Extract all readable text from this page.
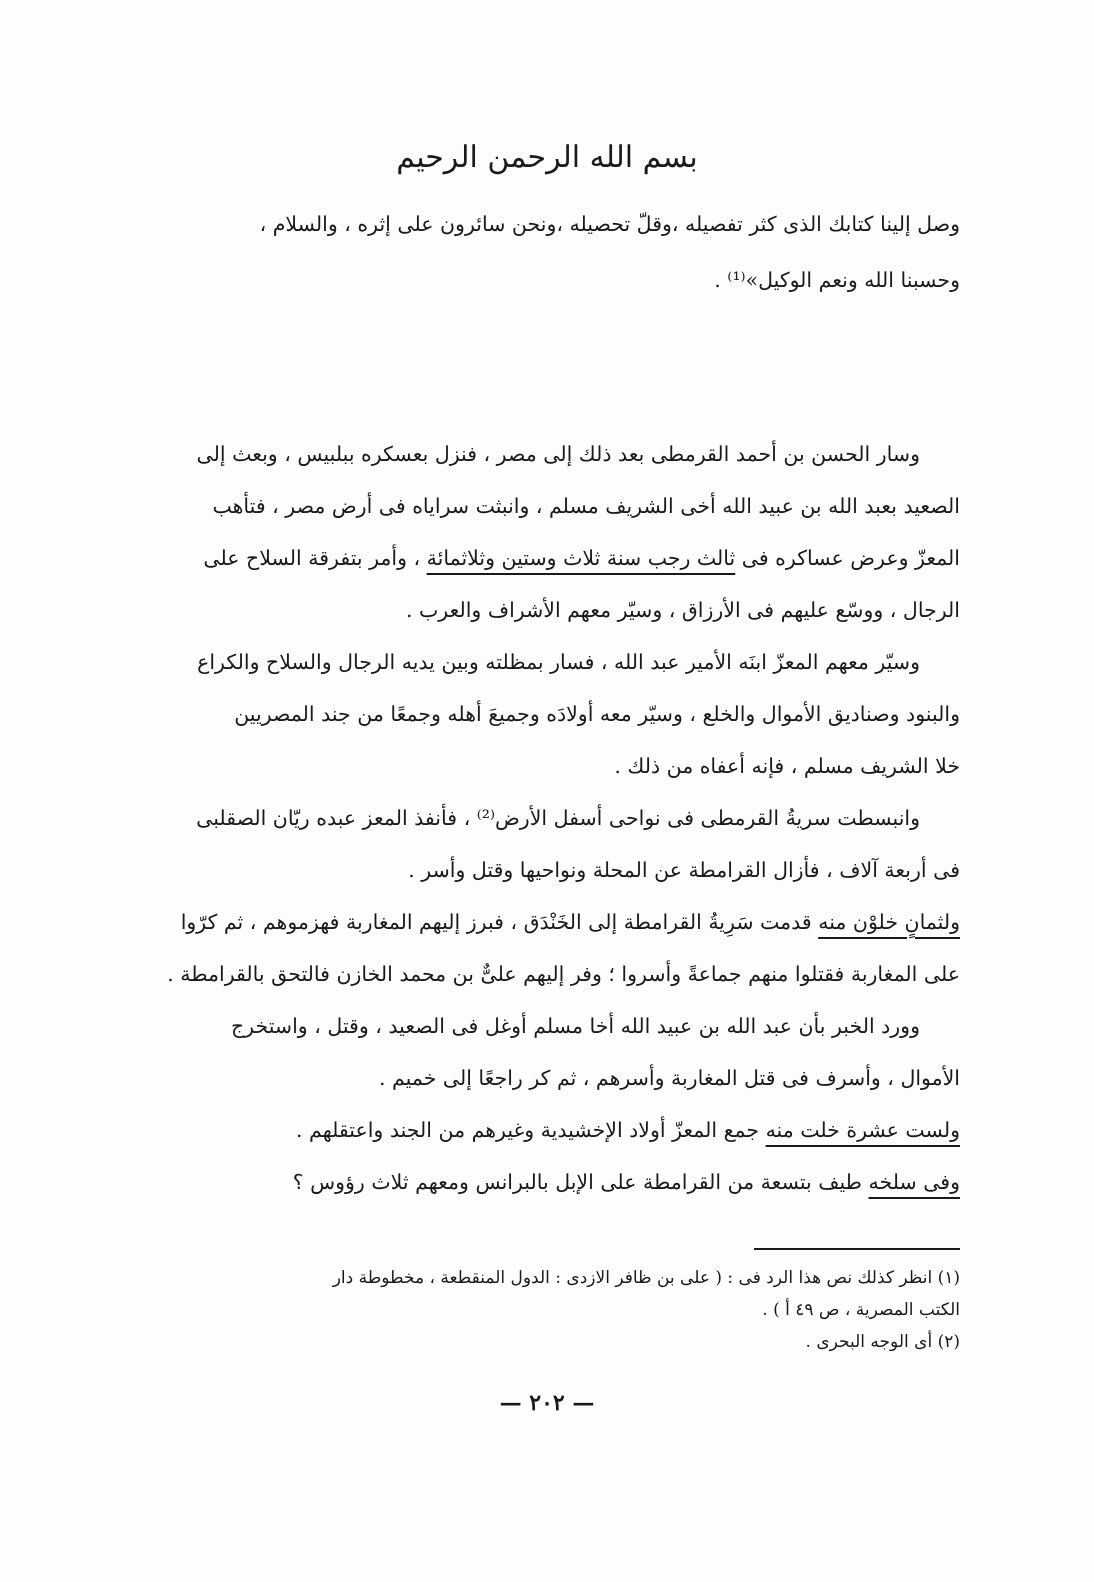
بسم الله الرحمن الرحيم
وصل إلينا كتابك الذى كثر تفصيله ،وقلّ تحصيله ،ونحن سائرون على إثره ، والسلام ،
وحسبنا الله ونعم الوكيل»⁽¹⁾ .
وسار الحسن بن أحمد القرمطى بعد ذلك إلى مصر ، فنزل بعسكره ببلبيس ، وبعث إلى
الصعيد بعبد الله بن عبيد الله أخى الشريف مسلم ، وانبثت سراياه فى أرض مصر ، فتأهب
المعزّ وعرض عساكره فى ثالث رجب سنة ثلاث وستين وثلاثمائة ، وأمر بتفرقة السلاح على
الرجال ، ووسّع عليهم فى الأرزاق ، وسيّر معهم الأشراف والعرب .
وسيّر معهم المعزّ ابنَه الأمير عبد الله ، فسار بمظلته وبين يديه الرجال والسلاح والكراع
والبنود وصناديق الأموال والخلع ، وسيّر معه أولادَه وجميعَ أهله وجمعًا من جند المصريين
خلا الشريف مسلم ، فإنه أعفاه من ذلك .
وانبسطت سريةُ القرمطى فى نواحى أسفل الأرض⁽²⁾ ، فأنفذ المعز عبده ريّان الصقلبى
فى أربعة آلاف ، فأزال القرامطة عن المحلة ونواحيها وقتل وأسر .
ولثمانٍ خلوْن منه قدمت سَرِيةُ القرامطة إلى الخَنْدَق ، فبرز إليهم المغاربة فهزموهم ، ثم كرّوا
على المغاربة فقتلوا منهم جماعةً وأسروا ؛ وفر إليهم علىٌّ بن محمد الخازن فالتحق بالقرامطة .
وورد الخبر بأن عبد الله بن عبيد الله أخا مسلم أوغل فى الصعيد ، وقتل ، واستخرج
الأموال ، وأسرف فى قتل المغاربة وأسرهم ، ثم كر راجعًا إلى خميم .
ولست عشرة خلت منه جمع المعزّ أولاد الإخشيدية وغيرهم من الجند واعتقلهم .
وفى سلخه طيف بتسعة من القرامطة على الإبل بالبرانس ومعهم ثلاث رؤوس ؟
(١) انظر كذلك نص هذا الرد فى : ( على بن ظافر الازدى : الدول المنقطعة ، مخطوطة دار
الكتب المصرية ، ص ٤٩ أ ) .
(٢) أى الوجه البحرى .
— ٢٠٢ —
